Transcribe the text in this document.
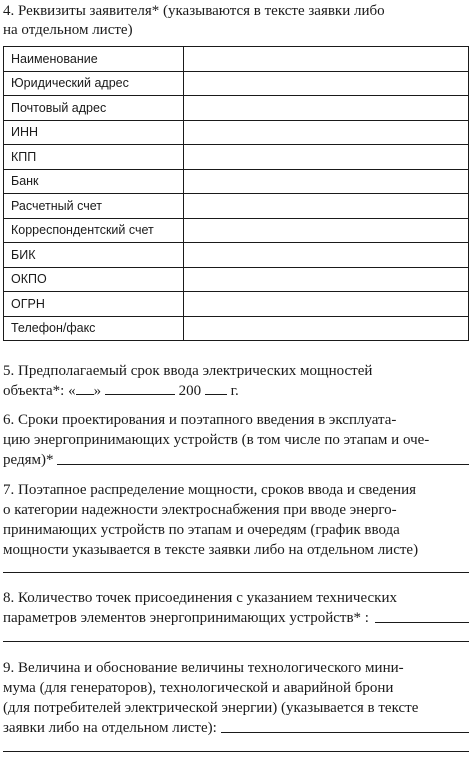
4. Реквизиты заявителя* (указываются в тексте заявки либо
на отдельном листе)
Наименование	
Юридический адрес	
Почтовый адрес	
ИНН	
КПП	
Банк	
Расчетный счет	
Корреспондентский счет	
БИК	
ОКПО	
ОГРН	
Телефон/факс	
5. Предполагаемый срок ввода электрических мощностей
объекта*: « »	200 г.
6. Сроки проектирования и поэтапного введения в эксплуата-
цию энергопринимающих устройств (в том числе по этапам и оче-
редям)*
7. Поэтапное распределение мощности, сроков ввода и сведения
о категории надежности электроснабжения при вводе энерго-
принимающих устройств по этапам и очередям (график ввода
мощности указывается в тексте заявки либо на отдельном листе)
8. Количество точек присоединения с указанием технических
параметров элементов энергопринимающих устройств* :
9. Величина и обоснование величины технологического мини-
мума (для генераторов), технологической и аварийной брони
(для потребителей электрической энергии) (указывается в тексте
заявки либо на отдельном листе):
